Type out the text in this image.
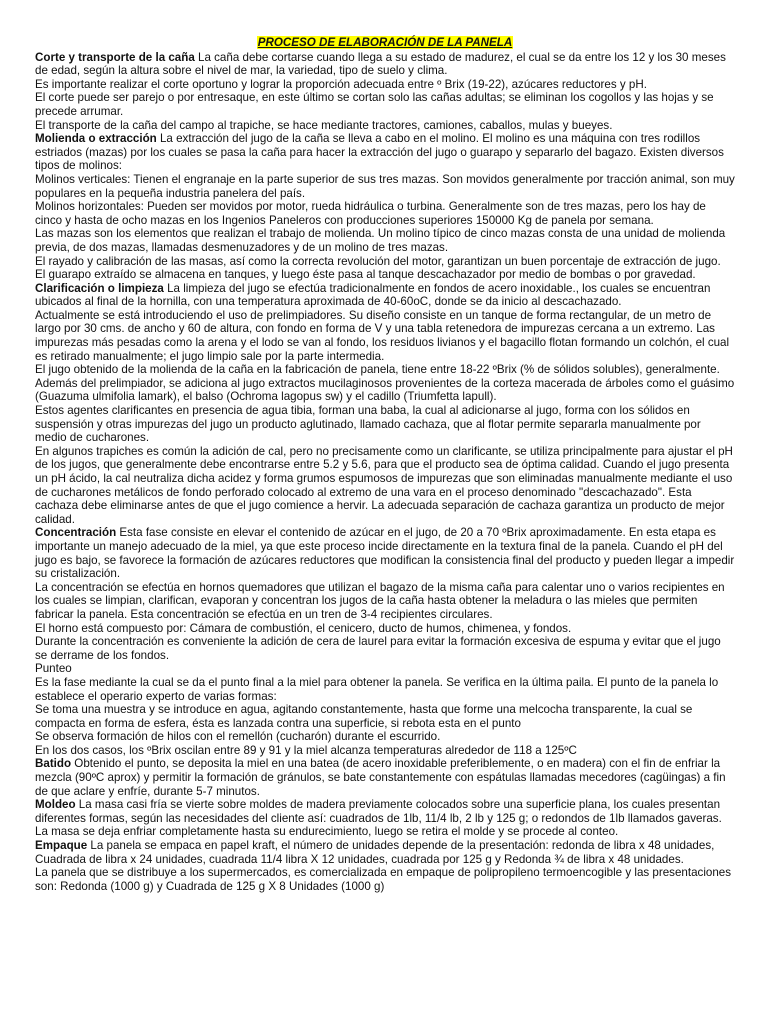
PROCESO DE ELABORACIÓN DE LA PANELA

Corte y transporte de la caña La caña debe cortarse cuando llega a su estado de madurez, el cual se da entre los 12 y los 30 meses de edad, según la altura sobre el nivel de mar, la variedad, tipo de suelo y clima.

Es importante realizar el corte oportuno y lograr la proporción adecuada entre º Brix (19-22), azúcares reductores y pH.

El corte puede ser parejo o por entresaque, en este último se cortan solo las cañas adultas; se eliminan los cogollos y las hojas y se precede arrumar.

El transporte de la caña del campo al trapiche, se hace mediante tractores, camiones, caballos, mulas y bueyes.

Molienda o extracción La extracción del jugo de la caña se lleva a cabo en el molino. El molino es una máquina con tres rodillos estriados (mazas) por los cuales se pasa la caña para hacer la extracción del jugo o guarapo y separarlo del bagazo. Existen diversos tipos de molinos:

Molinos verticales: Tienen el engranaje en la parte superior de sus tres mazas. Son movidos generalmente por tracción animal, son muy populares en la pequeña industria panelera del país.

Molinos horizontales: Pueden ser movidos por motor, rueda hidráulica o turbina. Generalmente son de tres mazas, pero los hay de cinco y hasta de ocho mazas en los Ingenios Paneleros con producciones superiores 150000 Kg de panela por semana.

Las mazas son los elementos que realizan el trabajo de molienda. Un molino típico de cinco mazas consta de una unidad de molienda previa, de dos mazas, llamadas desmenuzadores y de un molino de tres mazas.

El rayado y calibración de las masas, así como la correcta revolución del motor, garantizan un buen porcentaje de extracción de jugo.

El guarapo extraído se almacena en tanques, y luego éste pasa al tanque descachazador por medio de bombas o por gravedad.

Clarificación o limpieza La limpieza del jugo se efectúa tradicionalmente en fondos de acero inoxidable., los cuales se encuentran ubicados al final de la hornilla, con una temperatura aproximada de 40-60oC, donde se da inicio al descachazado.

Actualmente se está introduciendo el uso de prelimpiadores. Su diseño consiste en un tanque de forma rectangular, de un metro de largo por 30 cms. de ancho y 60 de altura, con fondo en forma de V y una tabla retenedora de impurezas cercana a un extremo. Las impurezas más pesadas como la arena y el lodo se van al fondo, los residuos livianos y el bagacillo flotan formando un colchón, el cual es retirado manualmente; el jugo limpio sale por la parte intermedia.

El jugo obtenido de la molienda de la caña en la fabricación de panela, tiene entre 18-22 ºBrix (% de sólidos solubles), generalmente.

Además del prelimpiador, se adiciona al jugo extractos mucilaginosos provenientes de la corteza macerada de árboles como el guásimo (Guazuma ulmifolia lamark), el balso (Ochroma lagopus sw) y el cadillo (Triumfetta lapull).

Estos agentes clarificantes en presencia de agua tibia, forman una baba, la cual al adicionarse al jugo, forma con los sólidos en suspensión y otras impurezas del jugo un producto aglutinado, llamado cachaza, que al flotar permite separarla manualmente por medio de cucharones.

En algunos trapiches es común la adición de cal, pero no precisamente como un clarificante, se utiliza principalmente para ajustar el pH de los jugos, que generalmente debe encontrarse entre 5.2 y 5.6, para que el producto sea de óptima calidad. Cuando el jugo presenta un pH ácido, la cal neutraliza dicha acidez y forma grumos espumosos de impurezas que son eliminadas manualmente mediante el uso de cucharones metálicos de fondo perforado colocado al extremo de una vara en el proceso denominado "descachazado". Esta cachaza debe eliminarse antes de que el jugo comience a hervir. La adecuada separación de cachaza garantiza un producto de mejor calidad.

Concentración Esta fase consiste en elevar el contenido de azúcar en el jugo, de 20 a 70 ºBrix aproximadamente. En esta etapa es importante un manejo adecuado de la miel, ya que este proceso incide directamente en la textura final de la panela. Cuando el pH del jugo es bajo, se favorece la formación de azúcares reductores que modifican la consistencia final del producto y pueden llegar a impedir su cristalización.

La concentración se efectúa en hornos quemadores que utilizan el bagazo de la misma caña para calentar uno o varios recipientes en los cuales se limpian, clarifican, evaporan y concentran los jugos de la caña hasta obtener la meladura o las mieles que permiten fabricar la panela. Esta concentración se efectúa en un tren de 3-4 recipientes circulares.

El horno está compuesto por: Cámara de combustión, el cenicero, ducto de humos, chimenea, y fondos.

Durante la concentración es conveniente la adición de cera de laurel para evitar la formación excesiva de espuma y evitar que el jugo se derrame de los fondos.

Punteo

Es la fase mediante la cual se da el punto final a la miel para obtener la panela. Se verifica en la última paila. El punto de la panela lo establece el operario experto de varias formas:

Se toma una muestra y se introduce en agua, agitando constantemente, hasta que forme una melcocha transparente, la cual se compacta en forma de esfera, ésta es lanzada contra una superficie, si rebota esta en el punto

Se observa formación de hilos con el remellón (cucharón) durante el escurrido.

En los dos casos, los ºBrix oscilan entre 89 y 91 y la miel alcanza temperaturas alrededor de 118 a 125ºC

Batido Obtenido el punto, se deposita la miel en una batea (de acero inoxidable preferiblemente, o en madera) con el fin de enfriar la mezcla (90ºC aprox) y permitir la formación de gránulos, se bate constantemente con espátulas llamadas mecedores (cagüingas) a fin de que aclare y enfríe, durante 5-7 minutos.

Moldeo La masa casi fría se vierte sobre moldes de madera previamente colocados sobre una superficie plana, los cuales presentan diferentes formas, según las necesidades del cliente así: cuadrados de 1lb, 11/4 lb, 2 lb y 125 g; o redondos de 1lb llamados gaveras. La masa se deja enfriar completamente hasta su endurecimiento, luego se retira el molde y se procede al conteo.

Empaque La panela se empaca en papel kraft, el número de unidades depende de la presentación: redonda de libra x 48 unidades, Cuadrada de libra x 24 unidades, cuadrada 11/4 libra X 12 unidades, cuadrada por 125 g y Redonda ¾ de libra x 48 unidades.

La panela que se distribuye a los supermercados, es comercializada en empaque de polipropileno termoencogible y las presentaciones son: Redonda (1000 g) y Cuadrada de 125 g X 8 Unidades (1000 g)
